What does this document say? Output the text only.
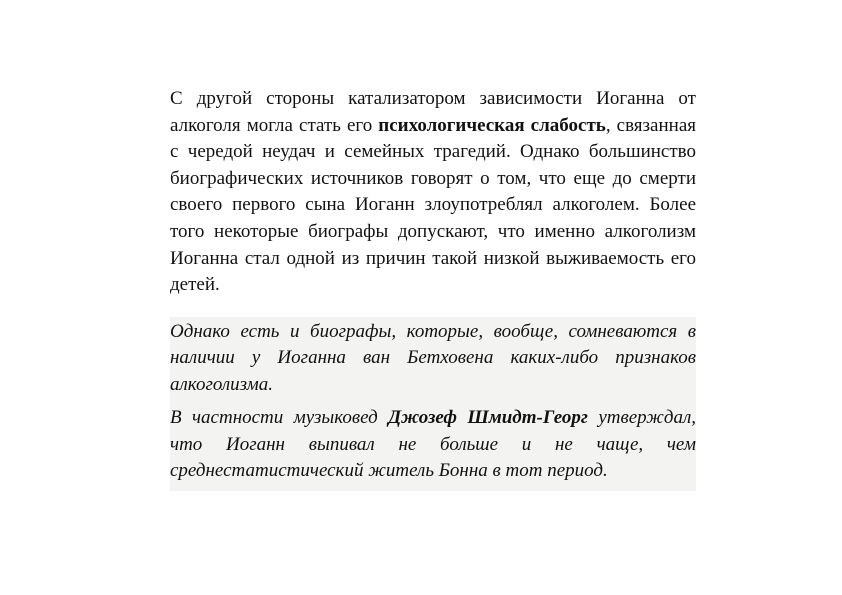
С другой стороны катализатором зависимости Иоганна от алкоголя могла стать его психологическая слабость, связанная с чередой неудач и семейных трагедий. Однако большинство биографических источников говорят о том, что еще до смерти своего первого сына Иоганн злоупотреблял алкоголем. Более того некоторые биографы допускают, что именно алкоголизм Иоганна стал одной из причин такой низкой выживаемость его детей.

Однако есть и биографы, которые, вообще, сомневаются в наличии у Иоганна ван Бетховена каких-либо признаков алкоголизма.

В частности музыковед Джозеф Шмидт-Георг утверждал, что Иоганн выпивал не больше и не чаще, чем среднестатистический житель Бонна в тот период.
